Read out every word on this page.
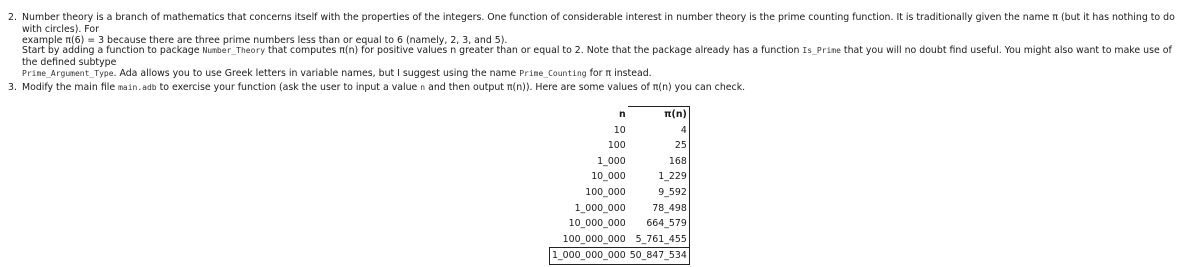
2. Number theory is a branch of mathematics that concerns itself with the properties of the integers. One function of considerable interest in number theory is the prime counting function. It is traditionally given the name π (but it has nothing to do with circles). For
example π(6) = 3 because there are three prime numbers less than or equal to 6 (namely, 2, 3, and 5).
Start by adding a function to package Number_Theory that computes π(n) for positive values n greater than or equal to 2. Note that the package already has a function Is_Prime that you will no doubt find useful. You might also want to make use of the defined subtype
Prime_Argument_Type. Ada allows you to use Greek letters in variable names, but I suggest using the name Prime_Counting for π instead.
3. Modify the main file main.adb to exercise your function (ask the user to input a value n and then output π(n)). Here are some values of π(n) you can check.
n	π(n)
10	4
100	25
1_000	168
10_000	1_229
100_000	9_592
1_000_000	78_498
10_000_000	664_579
100_000_000	5_761_455
1_000_000_000	50_847_534
